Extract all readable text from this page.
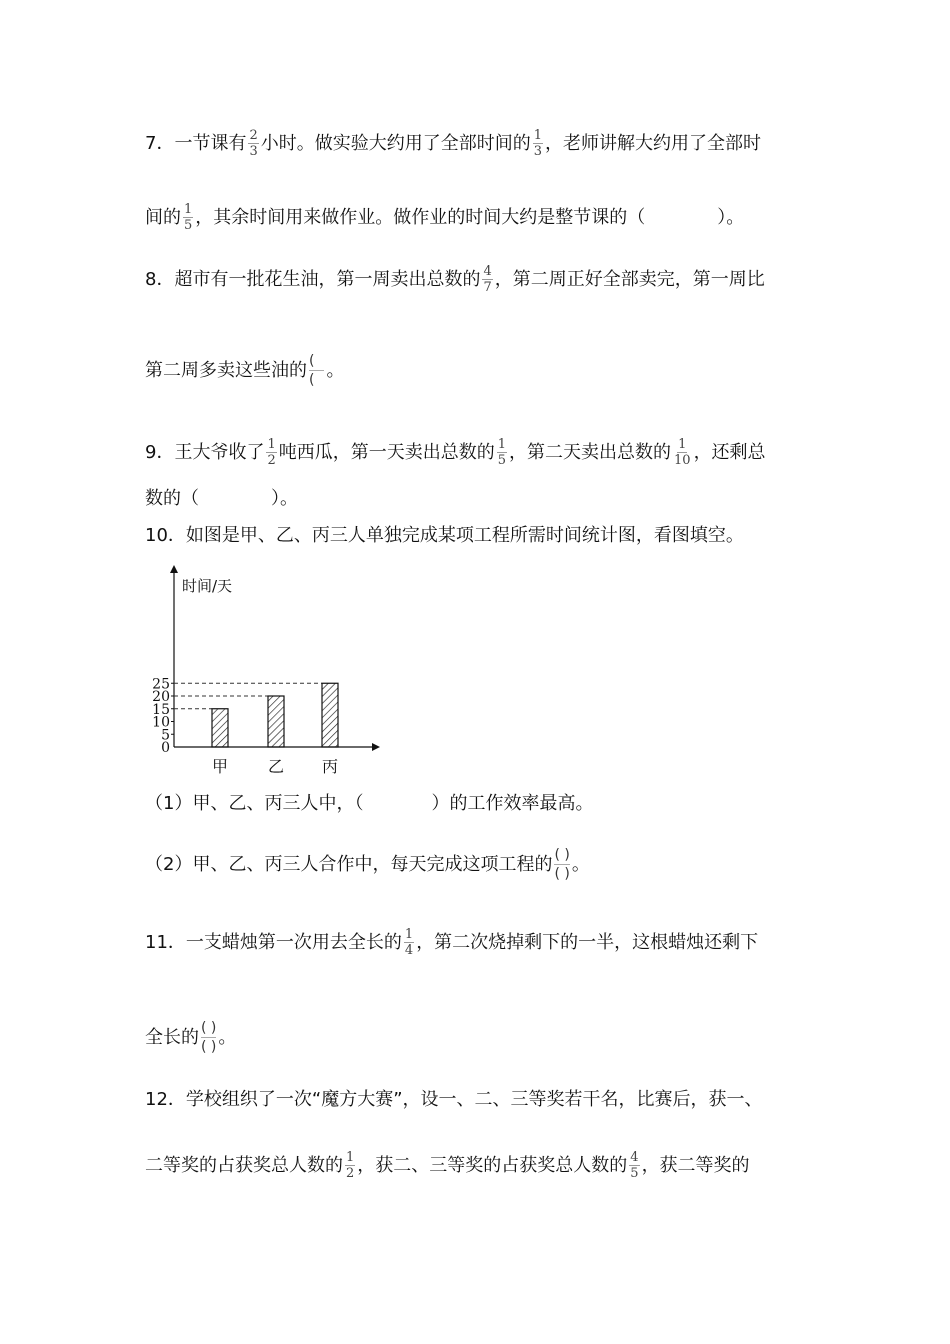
7．一节课有 $\frac{2}{3}$ 小时。做实验大约用了全部时间的 $\frac{1}{3}$ ，老师讲解大约用了全部时
间的 $\frac{1}{5}$ ，其余时间用来做作业。做作业的时间大约是整节课的（	）。
8．超市有一批花生油，第一周卖出总数的 $\frac{4}{7}$ ，第二周正好全部卖完，第一周比
第二周多卖这些油的 $\frac{(}{(}$ 。
9．王大爷收了 $\frac{1}{2}$ 吨西瓜，第一天卖出总数的 $\frac{1}{5}$ ，第二天卖出总数的 $\frac{1}{10}$ ，还剩总
数的（	）。
10．如图是甲、乙、丙三人单独完成某项工程所需时间统计图，看图填空。
时间/天
0
5
10
15
20
25
甲 乙 丙
（1）甲、乙、丙三人中，（	）的工作效率最高。
（2）甲、乙、丙三人合作中，每天完成这项工程的 $\frac{( )}{( )}$ 。
11．一支蜡烛第一次用去全长的 $\frac{1}{4}$ ，第二次烧掉剩下的一半，这根蜡烛还剩下
全长的 $\frac{( )}{( )}$ 。
12．学校组织了一次“魔方大赛”，设一、二、三等奖若干名，比赛后，获一、
二等奖的占获奖总人数的 $\frac{1}{2}$ ，获二、三等奖的占获奖总人数的 $\frac{4}{5}$ ，获二等奖的
